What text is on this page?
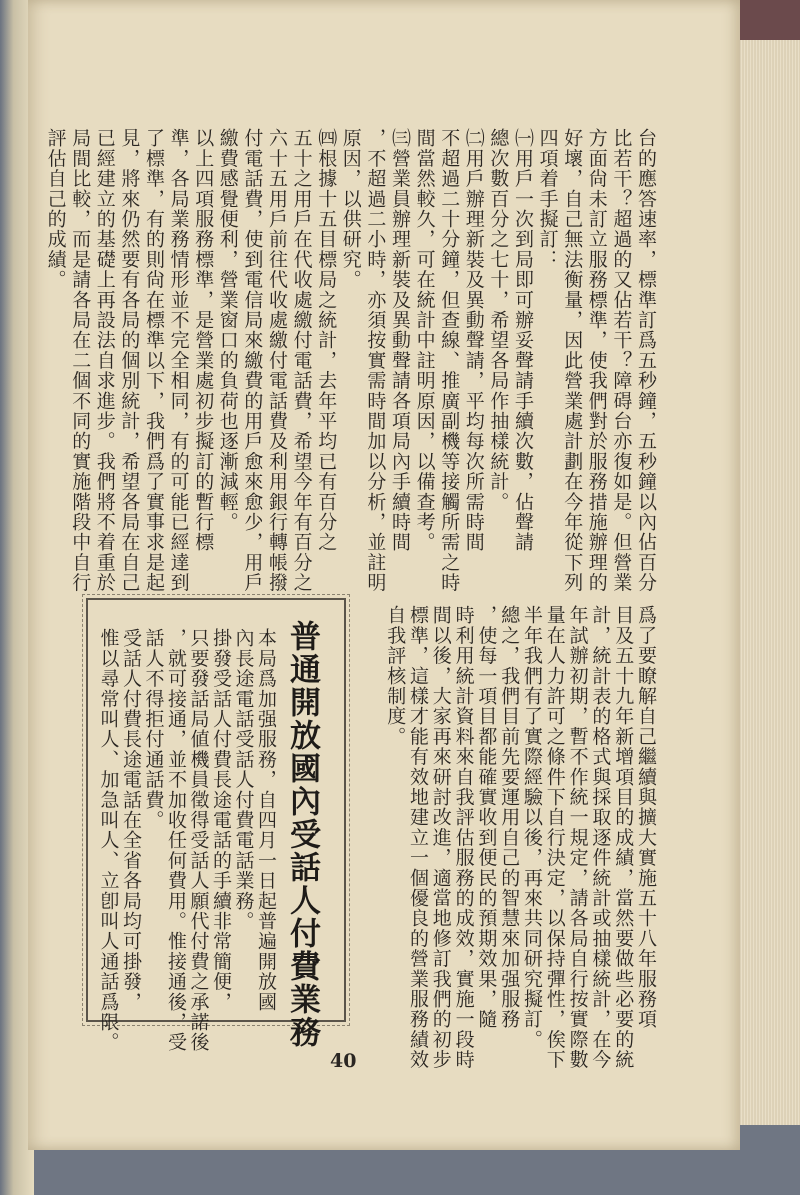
台的應答速率，標準訂爲五秒鐘，五秒鐘以內佔百分
比若干？超過的又佔若干？障碍台亦復如是。但營業
方面尙未訂立服務標準，使我們對於服務措施辦理的
好壞，自己無法衡量，因此營業處計劃在今年從下列
四項着手擬訂：
㈠用戶一次到局即可辦妥聲請手續次數，佔聲請
總次數百分之七十，希望各局作抽樣統計。
㈡用戶辦理新裝及異動聲請，平均每次所需時間
不超過二十分鐘，但查線、推廣副機等接觸所需之時
間當然較久，可在統計中註明原因，以備查考。
㈢營業員辦理新裝及異動聲請各項局內手續時間
，不超過二小時，亦須按實需時間加以分析，並註明
原因，以供研究。
㈣根據十五目標局之統計，去年平均已有百分之
五十之用戶在代收處繳付電話費，希望今年有百分之
六十五用戶前往代收處繳付電話費及利用銀行轉帳撥
付電話費，使到電信局來繳費的用戶愈來愈少，用戶
繳費感覺便利，營業窗口的負荷也逐漸減輕。
以上四項服務標準，是營業處初步擬訂的暫行標
準，各局業務情形並不完全相同，有的可能已經達到
了標準，有的則尙在標準以下，我們爲了實事求是起
見，將來仍然要有各局的個別統計，希望各局在自己
已經建立的基礎上再設法自求進步。我們將不着重於
局間比較，而是請各局在二個不同的實施階段中自行
評估自己的成績。
爲了要瞭解自己繼續與擴大實施五十八年服務項
目及五十九年新增項目的成績，當然要做些必要的統
計，統計表的格式與採取逐件統計或抽樣統計，在今
年試辦初期，暫不作統一規定，請各局自行按實際數
量在人力許可之條件下自行決定，以保持彈性，俟下
半年我們有了實際經驗以後，再來共同研究擬訂。
總之，我們目前先要運用自己的智慧來加强服務
，使每一項目都能確實收到便民的預期效果，隨
時利用統計資料來自我評估服務的成效，實施一段時
間以後，大家再來研討改進，適當地修訂我們的初步
標準，這樣才能有效地建立一個優良的營業服務績效
自我評核制度。
普通開放國內受話人付費業務
本局爲加强服務，自四月一日起普遍開放國
內長途電話受話人付費電話業務。
掛發受話人付費長途電話的手續非常簡便，
只要發話局値機員徵得受話人願代付費之承諾後
，就可接通，並不加收任何費用。惟接通後，受
話人不得拒付通話費。
受話人付費長途電話在全省各局均可掛發，
惟以尋常叫人、加急叫人、立卽叫人通話爲限。
40
